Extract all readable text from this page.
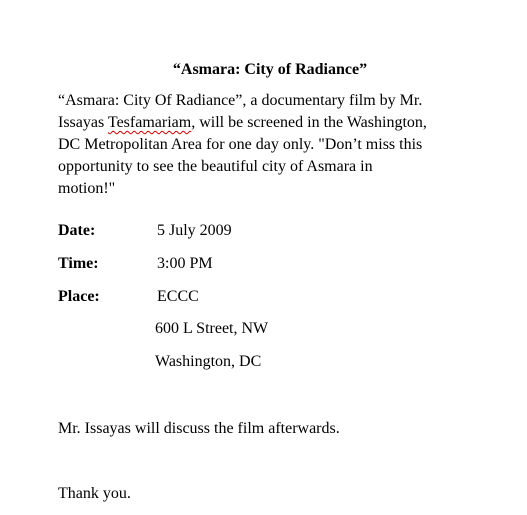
“Asmara: City of Radiance”
“Asmara: City Of Radiance”, a documentary film by Mr.
Issayas Tesfamariam, will be screened in the Washington,
DC Metropolitan Area for one day only. "Don’t miss this
opportunity to see the beautiful city of Asmara in
motion!"
Date:	5 July 2009
Time:	3:00 PM
Place:	ECCC
600 L Street, NW
Washington, DC
Mr. Issayas will discuss the film afterwards.
Thank you.
